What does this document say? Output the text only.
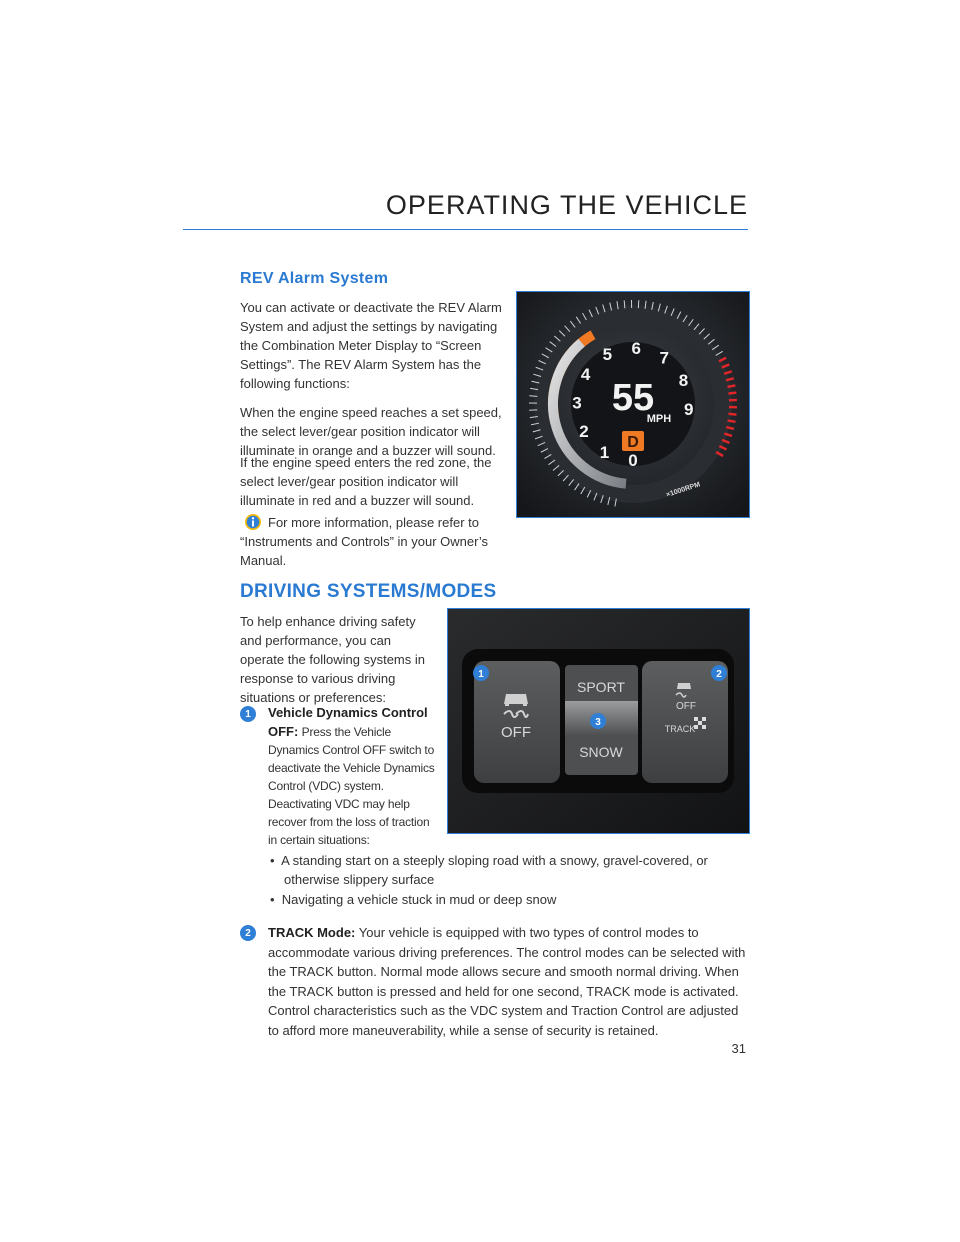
OPERATING THE VEHICLE
REV Alarm System
You can activate or deactivate the REV Alarm System and adjust the settings by navigating the Combination Meter Display to “Screen Settings”. The REV Alarm System has the following functions:
When the engine speed reaches a set speed, the select lever/gear position indicator will illuminate in orange and a buzzer will sound.
If the engine speed enters the red zone, the select lever/gear position indicator will illuminate in red and a buzzer will sound.
For more information, please refer to “Instruments and Controls” in your Owner’s Manual.
0
1
2
3
4
5 6 7
8
9
55
MPH
D
×1000RPM
DRIVING SYSTEMS/MODES
To help enhance driving safety and performance, you can operate the following systems in response to various driving situations or preferences:
1	Vehicle Dynamics Control
OFF: Press the Vehicle Dynamics Control OFF switch to deactivate the Vehicle Dynamics Control (VDC) system. Deactivating VDC may help recover from the loss of traction in certain situations:
OFF
SPORT
SNOW
OFF
TRACK
1	2
3
•  A standing start on a steeply sloping road with a snowy, gravel-covered, or otherwise slippery surface
•  Navigating a vehicle stuck in mud or deep snow
2	TRACK Mode: Your vehicle is equipped with two types of control modes to accommodate various driving preferences. The control modes can be selected with the TRACK button. Normal mode allows secure and smooth normal driving. When the TRACK button is pressed and held for one second, TRACK mode is activated. Control characteristics such as the VDC system and Traction Control are adjusted to afford more maneuverability, while a sense of security is retained.
31
